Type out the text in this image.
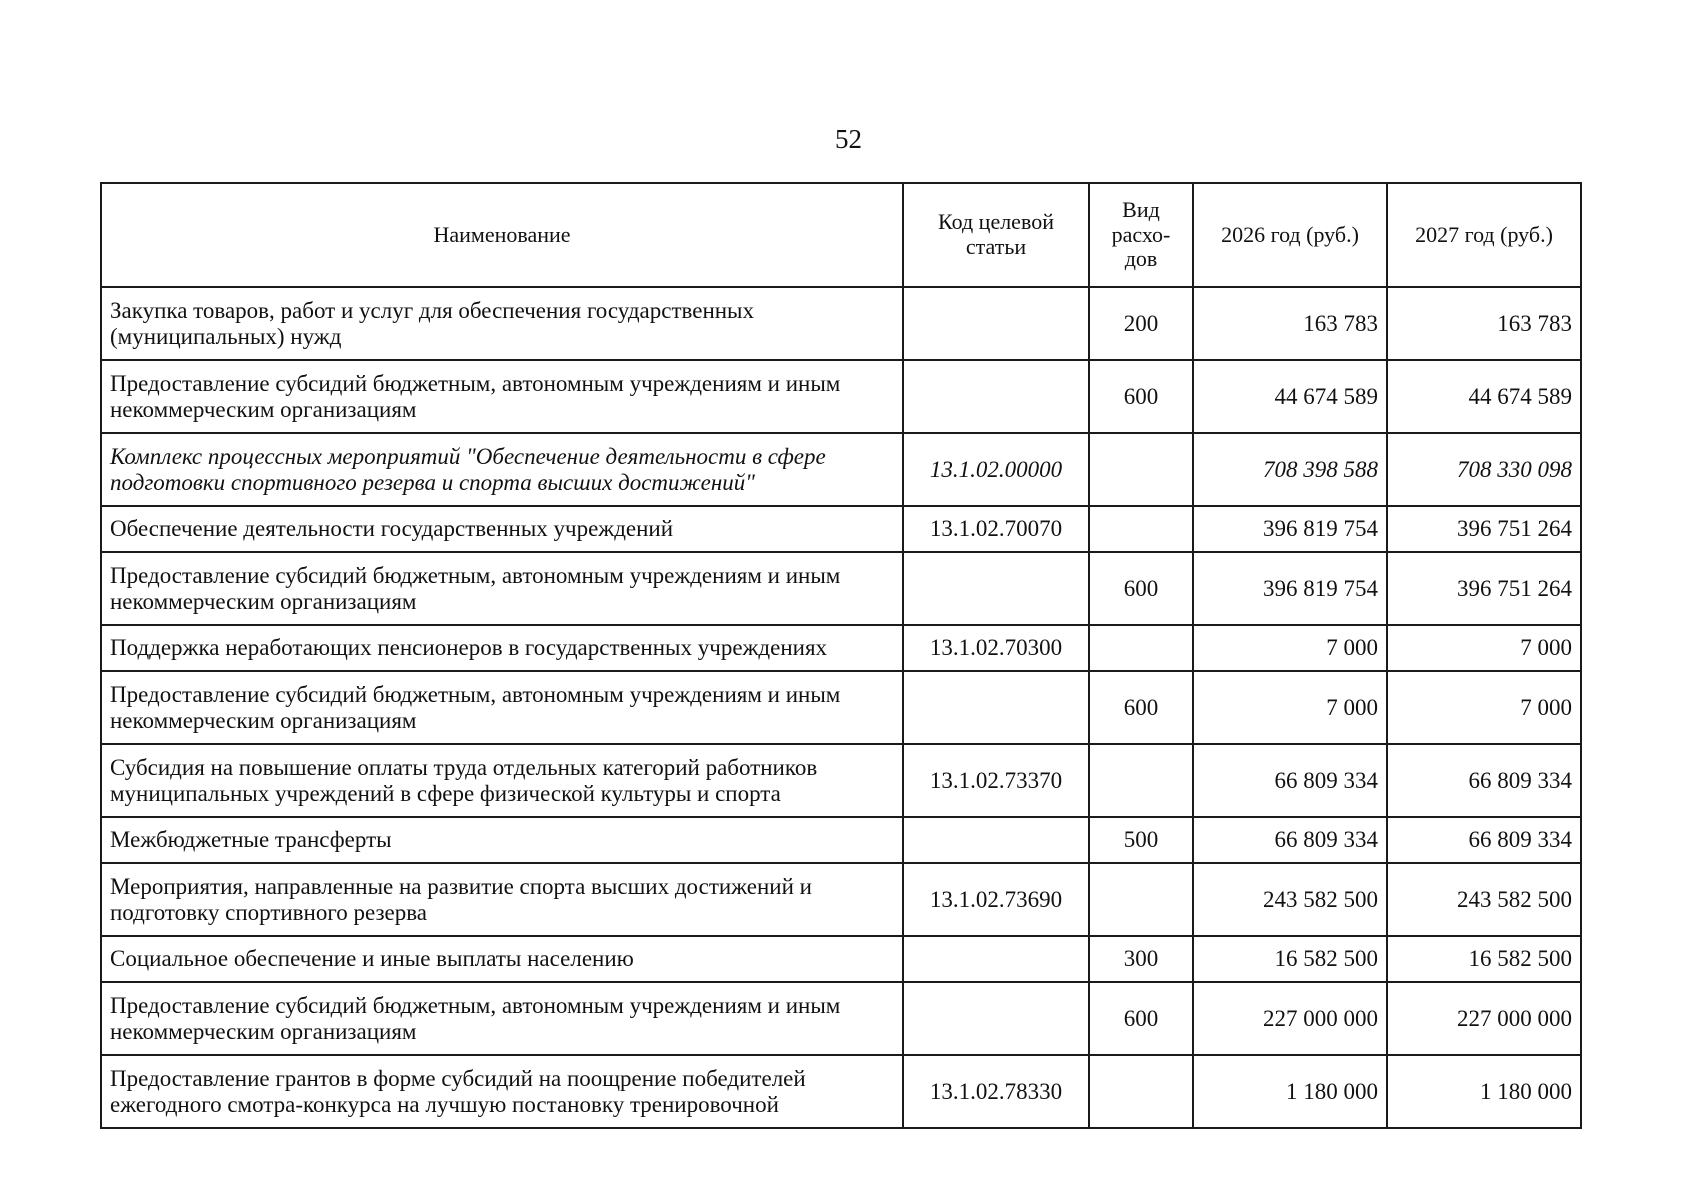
52
Наименование	Код целевой статьи	Вид расхо-дов	2026 год (руб.)	2027 год (руб.)
Закупка товаров, работ и услуг для обеспечения государственных (муниципальных) нужд		200	163 783	163 783
Предоставление субсидий бюджетным, автономным учреждениям и иным некоммерческим организациям		600	44 674 589	44 674 589
Комплекс процессных мероприятий "Обеспечение деятельности в сфере подготовки спортивного резерва и спорта высших достижений"	13.1.02.00000		708 398 588	708 330 098
Обеспечение деятельности государственных учреждений	13.1.02.70070		396 819 754	396 751 264
Предоставление субсидий бюджетным, автономным учреждениям и иным некоммерческим организациям		600	396 819 754	396 751 264
Поддержка неработающих пенсионеров в государственных учреждениях	13.1.02.70300		7 000	7 000
Предоставление субсидий бюджетным, автономным учреждениям и иным некоммерческим организациям		600	7 000	7 000
Субсидия на повышение оплаты труда отдельных категорий работников муниципальных учреждений в сфере физической культуры и спорта	13.1.02.73370		66 809 334	66 809 334
Межбюджетные трансферты		500	66 809 334	66 809 334
Мероприятия, направленные на развитие спорта высших достижений и подготовку спортивного резерва	13.1.02.73690		243 582 500	243 582 500
Социальное обеспечение и иные выплаты населению		300	16 582 500	16 582 500
Предоставление субсидий бюджетным, автономным учреждениям и иным некоммерческим организациям		600	227 000 000	227 000 000
Предоставление грантов в форме субсидий на поощрение победителей ежегодного смотра-конкурса на лучшую постановку тренировочной	13.1.02.78330		1 180 000	1 180 000
